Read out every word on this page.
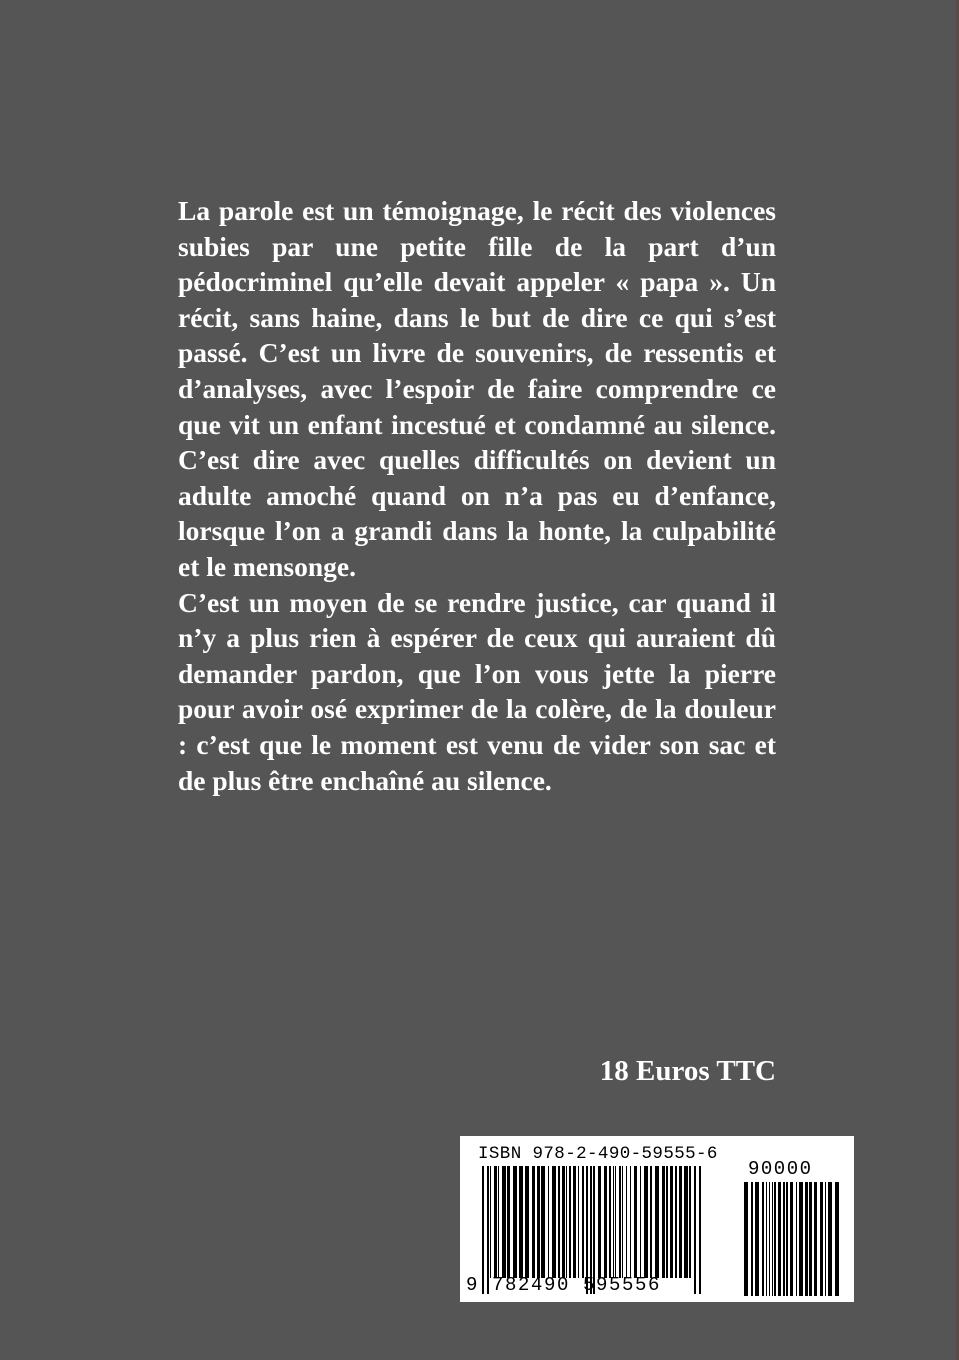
La parole est un témoignage, le récit des violences subies par une petite fille de la part d’un pédocriminel qu’elle devait appeler « papa ». Un récit, sans haine, dans le but de dire ce qui s’est passé. C’est un livre de souvenirs, de ressentis et d’analyses, avec l’espoir de faire comprendre ce que vit un enfant incestué et condamné au silence. C’est dire avec quelles difficultés on devient un adulte amoché quand on n’a pas eu d’enfance, lorsque l’on a grandi dans la honte, la culpabilité et le mensonge.

C’est un moyen de se rendre justice, car quand il n’y a plus rien à espérer de ceux qui auraient dû demander pardon, que l’on vous jette la pierre pour avoir osé exprimer de la colère, de la douleur : c’est que le moment est venu de vider son sac et de plus être enchaîné au silence.

18 Euros TTC
ISBN 978-2-490-59555-6
90000
9 782490 595556
